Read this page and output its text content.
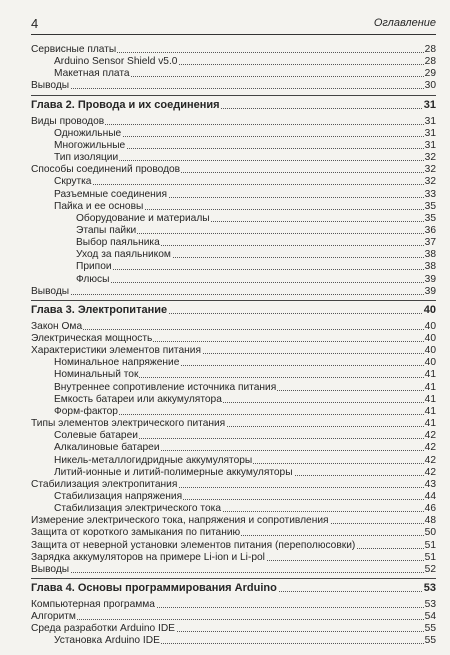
4	Оглавление
Сервисные платы	28
Arduino Sensor Shield v5.0	28
Макетная плата	29
Выводы	30
Глава 2. Провода и их соединения	31
Виды проводов	31
Одножильные	31
Многожильные	31
Тип изоляции	32
Способы соединений проводов	32
Скрутка	32
Разъемные соединения	33
Пайка и ее основы	35
Оборудование и материалы	35
Этапы пайки	36
Выбор паяльника	37
Уход за паяльником	38
Припои	38
Флюсы	39
Выводы	39
Глава 3. Электропитание	40
Закон Ома	40
Электрическая мощность	40
Характеристики элементов питания	40
Номинальное напряжение	40
Номинальный ток	41
Внутреннее сопротивление источника питания	41
Емкость батареи или аккумулятора	41
Форм-фактор	41
Типы элементов электрического питания	41
Солевые батареи	42
Алкалиновые батареи	42
Никель-металлогидридные аккумуляторы	42
Литий-ионные и литий-полимерные аккумуляторы	42
Стабилизация электропитания	43
Стабилизация напряжения	44
Стабилизация электрического тока	46
Измерение электрического тока, напряжения и сопротивления	48
Защита от короткого замыкания по питанию	50
Защита от неверной установки элементов питания (переполюсовки)	51
Зарядка аккумуляторов на примере Li-ion и Li-pol	51
Выводы	52
Глава 4. Основы программирования Arduino	53
Компьютерная программа	53
Алгоритм	54
Среда разработки Arduino IDE	55
Установка Arduino IDE	55
